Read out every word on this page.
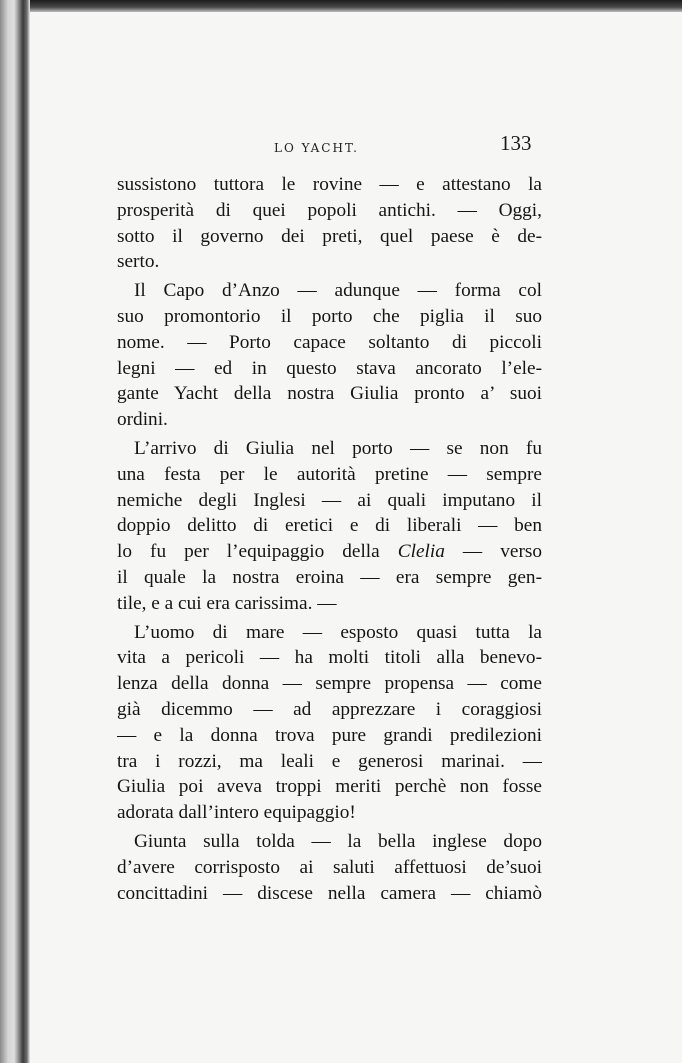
LO YACHT.	133
sussistono tuttora le rovine — e attestano la
prosperità di quei popoli antichi. — Oggi,
sotto il governo dei preti, quel paese è de-
serto.
Il Capo d’Anzo — adunque — forma col
suo promontorio il porto che piglia il suo
nome. — Porto capace soltanto di piccoli
legni — ed in questo stava ancorato l’ele-
gante Yacht della nostra Giulia pronto a’ suoi
ordini.
L’arrivo di Giulia nel porto — se non fu
una festa per le autorità pretine — sempre
nemiche degli Inglesi — ai quali imputano il
doppio delitto di eretici e di liberali — ben
lo fu per l’equipaggio della Clelia — verso
il quale la nostra eroina — era sempre gen-
tile, e a cui era carissima. —
L’uomo di mare — esposto quasi tutta la
vita a pericoli — ha molti titoli alla benevo-
lenza della donna — sempre propensa — come
già dicemmo — ad apprezzare i coraggiosi
— e la donna trova pure grandi predilezioni
tra i rozzi, ma leali e generosi marinai. —
Giulia poi aveva troppi meriti perchè non fosse
adorata dall’intero equipaggio!
Giunta sulla tolda — la bella inglese dopo
d’avere corrisposto ai saluti affettuosi de’suoi
concittadini — discese nella camera — chiamò
